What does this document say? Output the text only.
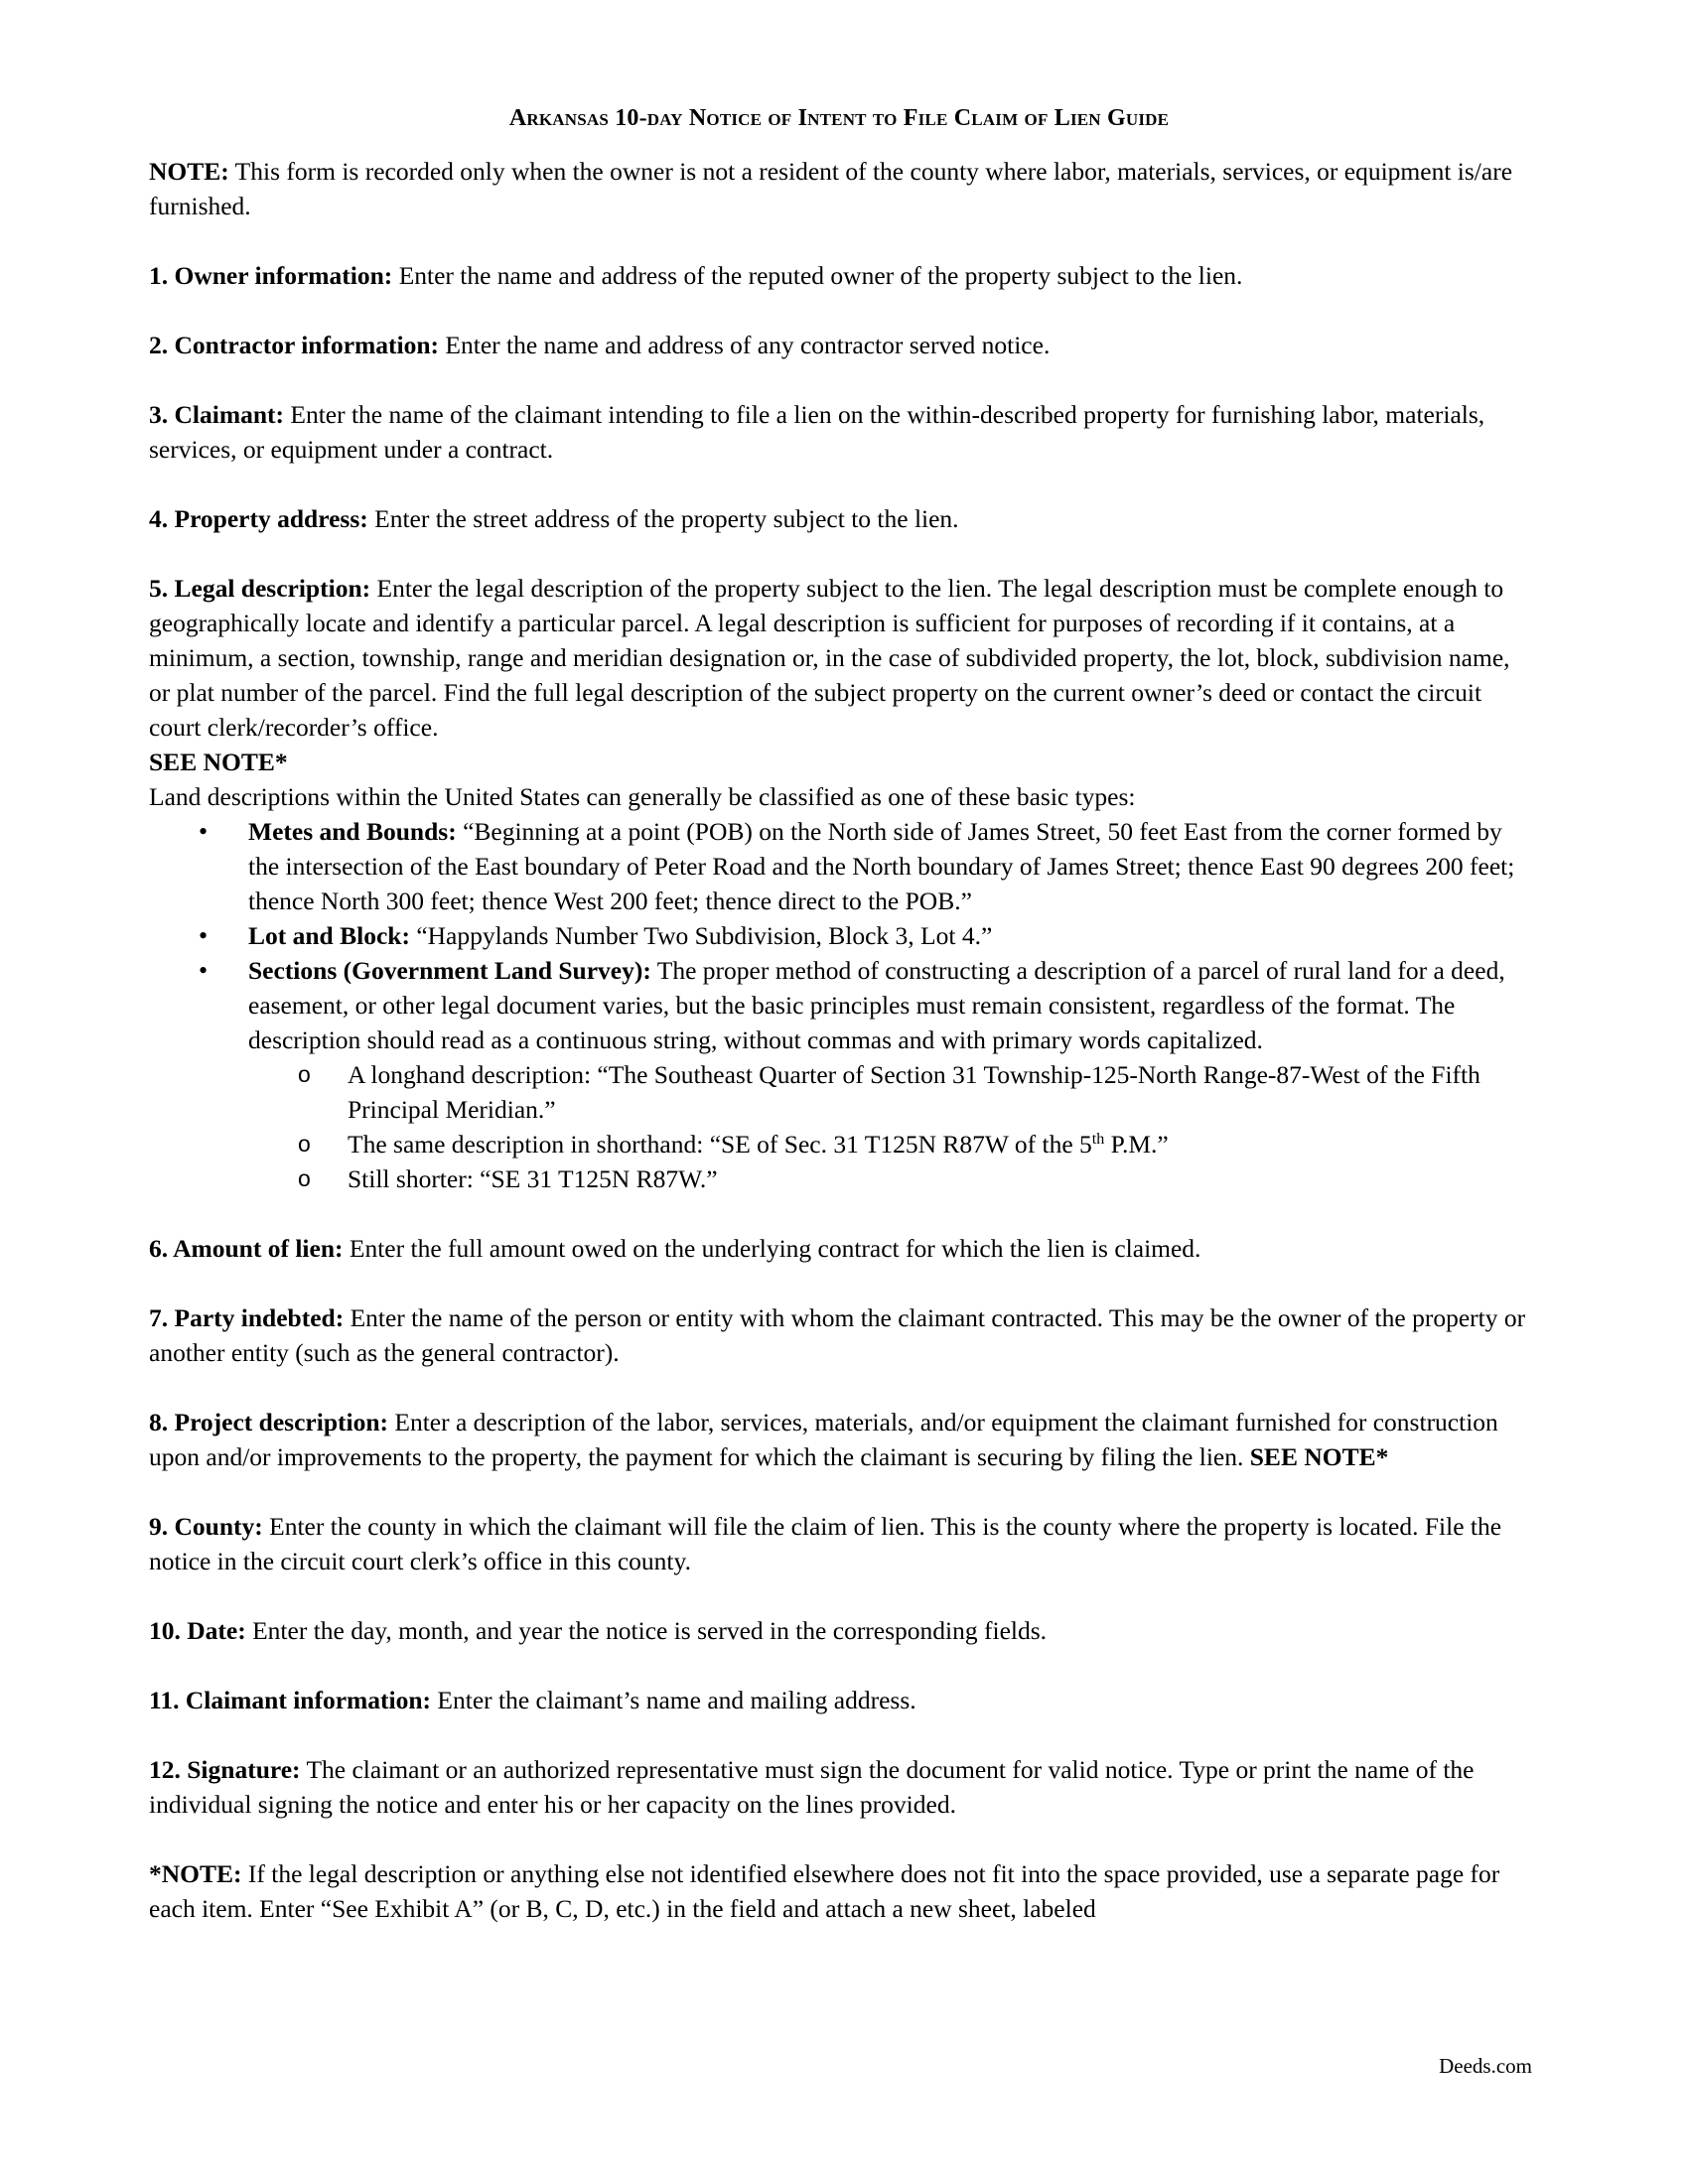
Arkansas 10-day Notice of Intent to File Claim of Lien Guide

NOTE: This form is recorded only when the owner is not a resident of the county where labor, materials, services, or equipment is/are furnished.

1. Owner information: Enter the name and address of the reputed owner of the property subject to the lien.

2. Contractor information: Enter the name and address of any contractor served notice.

3. Claimant: Enter the name of the claimant intending to file a lien on the within-described property for furnishing labor, materials, services, or equipment under a contract.

4. Property address: Enter the street address of the property subject to the lien.

5. Legal description: Enter the legal description of the property subject to the lien. The legal description must be complete enough to geographically locate and identify a particular parcel. A legal description is sufficient for purposes of recording if it contains, at a minimum, a section, township, range and meridian designation or, in the case of subdivided property, the lot, block, subdivision name, or plat number of the parcel. Find the full legal description of the subject property on the current owner’s deed or contact the circuit court clerk/recorder’s office.
SEE NOTE*

Land descriptions within the United States can generally be classified as one of these basic types:
• Metes and Bounds: “Beginning at a point (POB) on the North side of James Street, 50 feet East from the corner formed by the intersection of the East boundary of Peter Road and the North boundary of James Street; thence East 90 degrees 200 feet; thence North 300 feet; thence West 200 feet; thence direct to the POB.”
• Lot and Block: “Happylands Number Two Subdivision, Block 3, Lot 4.”
• Sections (Government Land Survey): The proper method of constructing a description of a parcel of rural land for a deed, easement, or other legal document varies, but the basic principles must remain consistent, regardless of the format. The description should read as a continuous string, without commas and with primary words capitalized.
o A longhand description: “The Southeast Quarter of Section 31 Township-125-North Range-87-West of the Fifth Principal Meridian.”
o The same description in shorthand: “SE of Sec. 31 T125N R87W of the 5th P.M.”
o Still shorter: “SE 31 T125N R87W.”

6. Amount of lien: Enter the full amount owed on the underlying contract for which the lien is claimed.

7. Party indebted: Enter the name of the person or entity with whom the claimant contracted. This may be the owner of the property or another entity (such as the general contractor).

8. Project description: Enter a description of the labor, services, materials, and/or equipment the claimant furnished for construction upon and/or improvements to the property, the payment for which the claimant is securing by filing the lien. SEE NOTE*

9. County: Enter the county in which the claimant will file the claim of lien. This is the county where the property is located. File the notice in the circuit court clerk’s office in this county.

10. Date: Enter the day, month, and year the notice is served in the corresponding fields.

11. Claimant information: Enter the claimant’s name and mailing address.

12. Signature: The claimant or an authorized representative must sign the document for valid notice. Type or print the name of the individual signing the notice and enter his or her capacity on the lines provided.

*NOTE: If the legal description or anything else not identified elsewhere does not fit into the space provided, use a separate page for each item. Enter “See Exhibit A” (or B, C, D, etc.) in the field and attach a new sheet, labeled

Deeds.com
